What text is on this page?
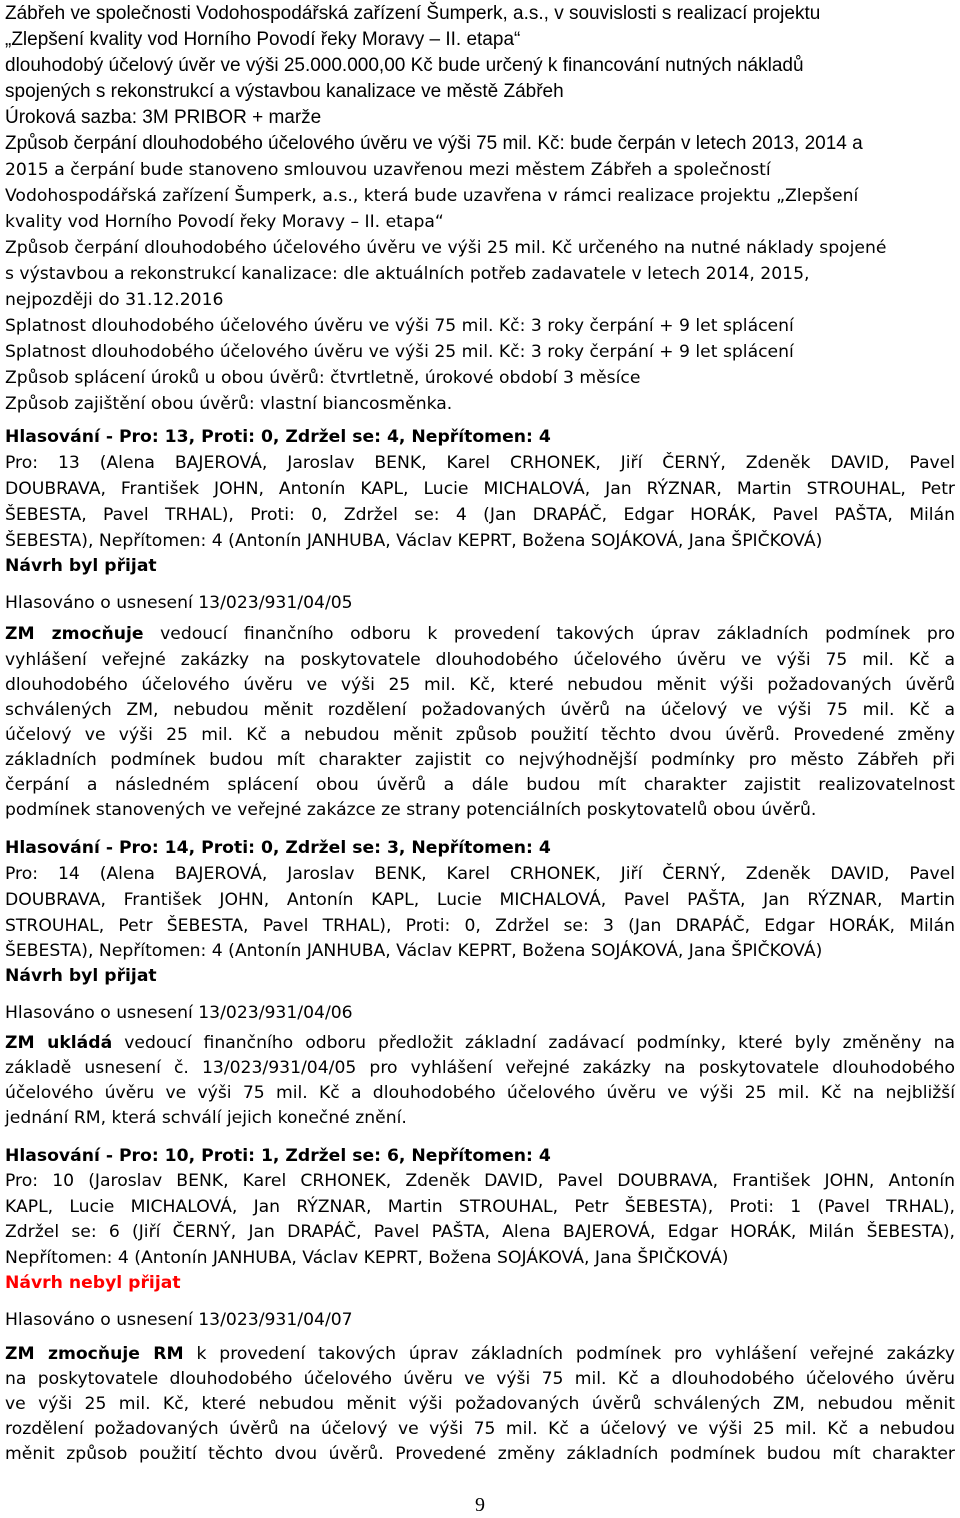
Zábřeh ve společnosti Vodohospodářská zařízení Šumperk, a.s., v souvislosti s realizací projektu
„Zlepšení kvality vod Horního Povodí řeky Moravy – II. etapa“
dlouhodobý účelový úvěr ve výši 25.000.000,00 Kč bude určený k financování nutných nákladů
spojených s rekonstrukcí a výstavbou kanalizace ve městě Zábřeh
Úroková sazba: 3M PRIBOR + marže
Způsob čerpání dlouhodobého účelového úvěru ve výši 75 mil. Kč: bude čerpán v letech 2013, 2014 a
2015 a čerpání bude stanoveno smlouvou uzavřenou mezi městem Zábřeh a společností
Vodohospodářská zařízení Šumperk, a.s., která bude uzavřena v rámci realizace projektu „Zlepšení
kvality vod Horního Povodí řeky Moravy – II. etapa“
Způsob čerpání dlouhodobého účelového úvěru ve výši 25 mil. Kč určeného na nutné náklady spojené
s výstavbou a rekonstrukcí kanalizace: dle aktuálních potřeb zadavatele v letech 2014, 2015,
nejpozději do 31.12.2016
Splatnost dlouhodobého účelového úvěru ve výši 75 mil. Kč: 3 roky čerpání + 9 let splácení
Splatnost dlouhodobého účelového úvěru ve výši 25 mil. Kč: 3 roky čerpání + 9 let splácení
Způsob splácení úroků u obou úvěrů: čtvrtletně, úrokové období 3 měsíce
Způsob zajištění obou úvěrů: vlastní biancosměnka.
Hlasování - Pro: 13, Proti: 0, Zdržel se: 4, Nepřítomen: 4
Pro: 13 (Alena BAJEROVÁ, Jaroslav BENK, Karel CRHONEK, Jiří ČERNÝ, Zdeněk DAVID, Pavel
DOUBRAVA, František JOHN, Antonín KAPL, Lucie MICHALOVÁ, Jan RÝZNAR, Martin STROUHAL, Petr
ŠEBESTA, Pavel TRHAL), Proti: 0, Zdržel se: 4 (Jan DRAPÁČ, Edgar HORÁK, Pavel PAŠTA, Milán
ŠEBESTA), Nepřítomen: 4 (Antonín JANHUBA, Václav KEPRT, Božena SOJÁKOVÁ, Jana ŠPIČKOVÁ)
Návrh byl přijat
Hlasováno o usnesení 13/023/931/04/05
ZM zmocňuje vedoucí finančního odboru k provedení takových úprav základních podmínek pro
vyhlášení veřejné zakázky na poskytovatele dlouhodobého účelového úvěru ve výši 75 mil. Kč a
dlouhodobého účelového úvěru ve výši 25 mil. Kč, které nebudou měnit výši požadovaných úvěrů
schválených ZM, nebudou měnit rozdělení požadovaných úvěrů na účelový ve výši 75 mil. Kč a
účelový ve výši 25 mil. Kč a nebudou měnit způsob použití těchto dvou úvěrů. Provedené změny
základních podmínek budou mít charakter zajistit co nejvýhodnější podmínky pro město Zábřeh při
čerpání a následném splácení obou úvěrů a dále budou mít charakter zajistit realizovatelnost
podmínek stanovených ve veřejné zakázce ze strany potenciálních poskytovatelů obou úvěrů.
Hlasování - Pro: 14, Proti: 0, Zdržel se: 3, Nepřítomen: 4
Pro: 14 (Alena BAJEROVÁ, Jaroslav BENK, Karel CRHONEK, Jiří ČERNÝ, Zdeněk DAVID, Pavel
DOUBRAVA, František JOHN, Antonín KAPL, Lucie MICHALOVÁ, Pavel PAŠTA, Jan RÝZNAR, Martin
STROUHAL, Petr ŠEBESTA, Pavel TRHAL), Proti: 0, Zdržel se: 3 (Jan DRAPÁČ, Edgar HORÁK, Milán
ŠEBESTA), Nepřítomen: 4 (Antonín JANHUBA, Václav KEPRT, Božena SOJÁKOVÁ, Jana ŠPIČKOVÁ)
Návrh byl přijat
Hlasováno o usnesení 13/023/931/04/06
ZM ukládá vedoucí finančního odboru předložit základní zadávací podmínky, které byly změněny na
základě usnesení č. 13/023/931/04/05 pro vyhlášení veřejné zakázky na poskytovatele dlouhodobého
účelového úvěru ve výši 75 mil. Kč a dlouhodobého účelového úvěru ve výši 25 mil. Kč na nejbližší
jednání RM, která schválí jejich konečné znění.
Hlasování - Pro: 10, Proti: 1, Zdržel se: 6, Nepřítomen: 4
Pro: 10 (Jaroslav BENK, Karel CRHONEK, Zdeněk DAVID, Pavel DOUBRAVA, František JOHN, Antonín
KAPL, Lucie MICHALOVÁ, Jan RÝZNAR, Martin STROUHAL, Petr ŠEBESTA), Proti: 1 (Pavel TRHAL),
Zdržel se: 6 (Jiří ČERNÝ, Jan DRAPÁČ, Pavel PAŠTA, Alena BAJEROVÁ, Edgar HORÁK, Milán ŠEBESTA),
Nepřítomen: 4 (Antonín JANHUBA, Václav KEPRT, Božena SOJÁKOVÁ, Jana ŠPIČKOVÁ)
Návrh nebyl přijat
Hlasováno o usnesení 13/023/931/04/07
ZM zmocňuje RM k provedení takových úprav základních podmínek pro vyhlášení veřejné zakázky
na poskytovatele dlouhodobého účelového úvěru ve výši 75 mil. Kč a dlouhodobého účelového úvěru
ve výši 25 mil. Kč, které nebudou měnit výši požadovaných úvěrů schválených ZM, nebudou měnit
rozdělení požadovaných úvěrů na účelový ve výši 75 mil. Kč a účelový ve výši 25 mil. Kč a nebudou
měnit způsob použití těchto dvou úvěrů. Provedené změny základních podmínek budou mít charakter
9
